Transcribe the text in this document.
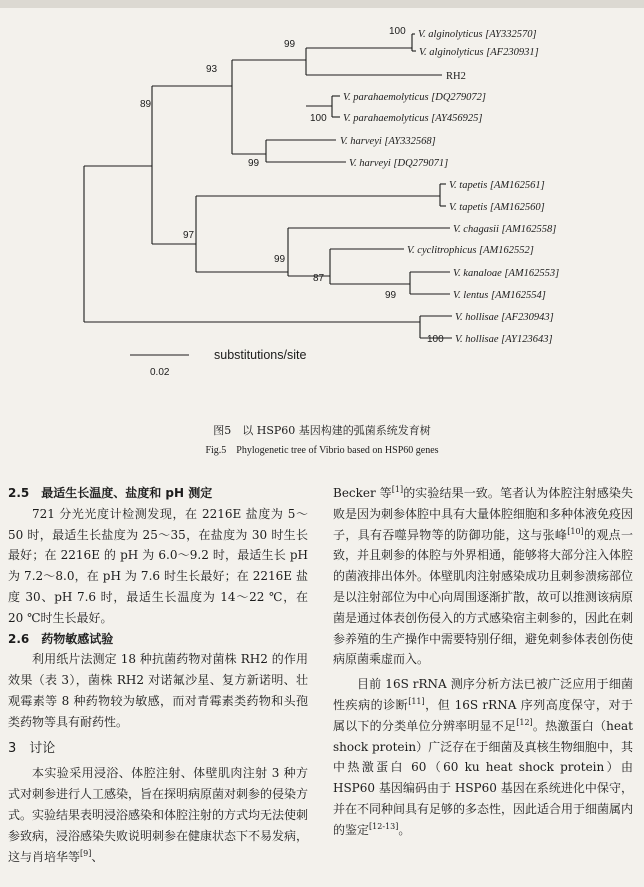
V. alginolyticus [AY332570]
V. alginolyticus [AF230931]
RH2
V. parahaemolyticus [DQ279072]
V. parahaemolyticus [AY456925]
V. harveyi [AY332568]
V. harveyi [DQ279071]
V. tapetis [AM162561]
V. tapetis [AM162560]
V. chagasii [AM162558]
V. cyclitrophicus [AM162552]
V. kanaloae [AM162553]
V. lentus [AM162554]
V. hollisae [AF230943]
V. hollisae [AY123643]
100
99
93
100
89
99
97
99
87
99
100
substitutions/site
0.02
图5　以 HSP60 基因构建的弧菌系统发育树
Fig.5　Phylogenetic tree of Vibrio based on HSP60 genes

2.5　最适生长温度、盐度和 pH 测定

721 分光光度计检测发现，在 2216E 盐度为 5～50 时，最适生长盐度为 25～35，在盐度为 30 时生长最好；在 2216E 的 pH 为 6.0～9.2 时，最适生长 pH 为 7.2～8.0，在 pH 为 7.6 时生长最好；在 2216E 盐度 30、pH 7.6 时，最适生长温度为 14～22 ℃，在 20 ℃时生长最好。

2.6　药物敏感试验

利用纸片法测定 18 种抗菌药物对菌株 RH2 的作用效果（表 3），菌株 RH2 对诺氟沙星、复方新诺明、壮观霉素等 8 种药物较为敏感，而对青霉素类药物和头孢类药物等具有耐药性。

3　讨论

本实验采用浸浴、体腔注射、体壁肌肉注射 3 种方式对刺参进行人工感染，旨在探明病原菌对刺参的侵染方式。实验结果表明浸浴感染和体腔注射的方式均无法使刺参致病，浸浴感染失败说明刺参在健康状态下不易发病，这与肖培华等[9]、

Becker 等[1]的实验结果一致。笔者认为体腔注射感染失败是因为刺参体腔中具有大量体腔细胞和多种体液免疫因子，具有吞噬异物等的防御功能，这与张峰[10]的观点一致，并且刺参的体腔与外界相通，能够将大部分注入体腔的菌液排出体外。体壁肌肉注射感染成功且刺参溃疡部位是以注射部位为中心向周围逐渐扩散，故可以推测该病原菌是通过体表创伤侵入的方式感染宿主刺参的，因此在刺参养殖的生产操作中需要特别仔细，避免刺参体表创伤使病原菌乘虚而入。

目前 16S rRNA 测序分析方法已被广泛应用于细菌性疾病的诊断[11]，但 16S rRNA 序列高度保守，对于属以下的分类单位分辨率明显不足[12]。热激蛋白（heat shock protein）广泛存在于细菌及真核生物细胞中，其中热激蛋白 60（60 ku heat shock protein）由 HSP60 基因编码由于 HSP60 基因在系统进化中保守，并在不同种间具有足够的多态性，因此适合用于细菌属内的鉴定[12-13]。
